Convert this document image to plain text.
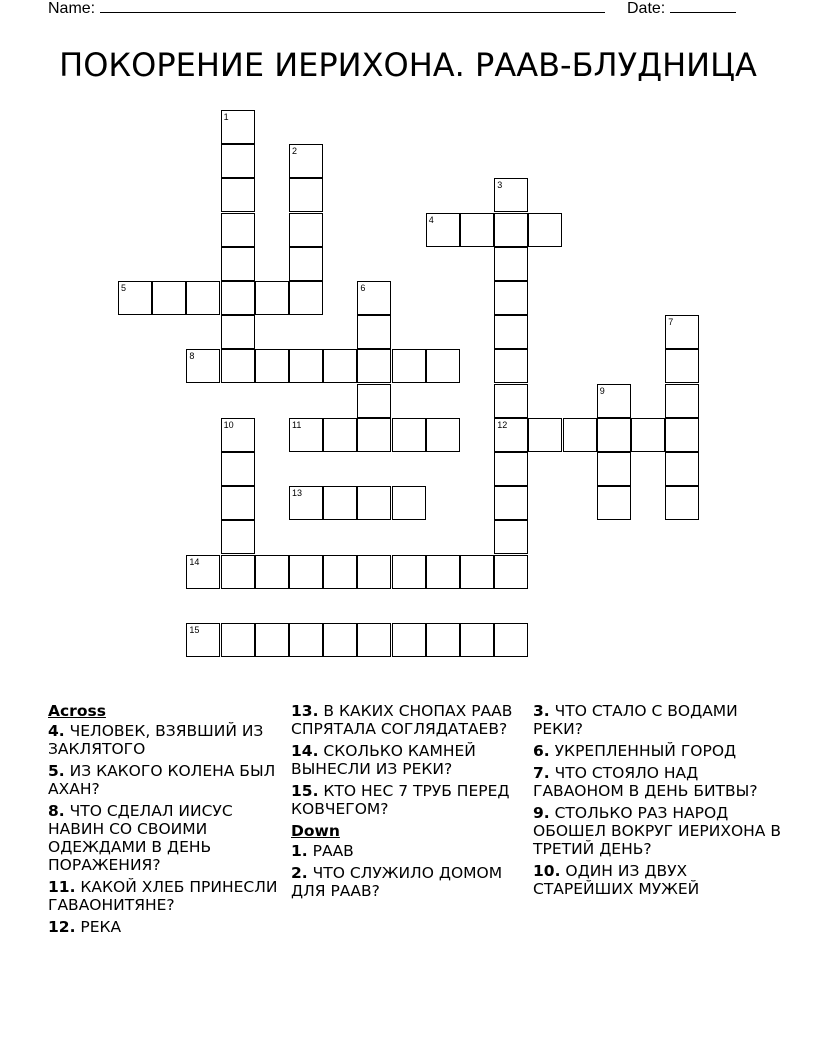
Name:	Date:
ПОКОРЕНИЕ ИЕРИХОНА. РААВ-БЛУДНИЦА
1
2
3
12
4
5	6
7
8
9
10	11
13
14
15
Across
4. ЧЕЛОВЕК, ВЗЯВШИЙ ИЗ ЗАКЛЯТОГО
5. ИЗ КАКОГО КОЛЕНА БЫЛ АХАН?
8. ЧТО СДЕЛАЛ ИИСУС НАВИН СО СВОИМИ ОДЕЖДАМИ В ДЕНЬ ПОРАЖЕНИЯ?
11. КАКОЙ ХЛЕБ ПРИНЕСЛИ ГАВАОНИТЯНЕ?
12. РЕКА
13. В КАКИХ СНОПАХ РААВ СПРЯТАЛА СОГЛЯДАТАЕВ?
14. СКОЛЬКО КАМНЕЙ ВЫНЕСЛИ ИЗ РЕКИ?
15. КТО НЕС 7 ТРУБ ПЕРЕД КОВЧЕГОМ?
Down
1. РААВ
2. ЧТО СЛУЖИЛО ДОМОМ ДЛЯ РААВ?
3. ЧТО СТАЛО С ВОДАМИ РЕКИ?
6. УКРЕПЛЕННЫЙ ГОРОД
7. ЧТО СТОЯЛО НАД ГАВАОНОМ В ДЕНЬ БИТВЫ?
9. СТОЛЬКО РАЗ НАРОД ОБОШЕЛ ВОКРУГ ИЕРИХОНА В ТРЕТИЙ ДЕНЬ?
10. ОДИН ИЗ ДВУХ СТАРЕЙШИХ МУЖЕЙ
